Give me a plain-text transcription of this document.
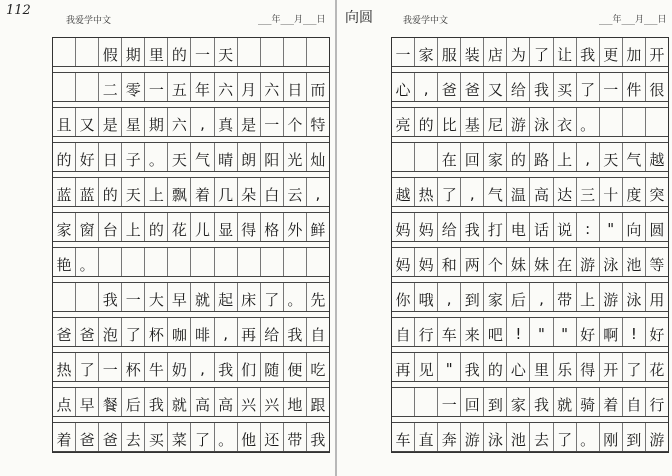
112
我爱学中文	___年___月___日
假 期 里 的 一 天
二 零 一 五 年 六 月 六 日 而
且 又 是 星 期 六 , 真 是 一 个 特
的 好 日 子 。 天 气 晴 朗 阳 光 灿
蓝 蓝 的 天 上 飘 着 几 朵 白 云 ,
家 窗 台 上 的 花 儿 显 得 格 外 鲜
艳 。
我 一 大 早 就 起 床 了 。 先
爸 爸 泡 了 杯 咖 啡 , 再 给 我 自
热 了 一 杯 牛 奶 , 我 们 随 便 吃
点 早 餐 后 我 就 高 高 兴 兴 地 跟
着 爸 爸 去 买 菜 了 。 他 还 带 我
向圆	我爱学中文	___年___月___日
一 家 服 装 店 为 了 让 我 更 加 开
心 , 爸 爸 又 给 我 买 了 一 件 很
亮 的 比 基 尼 游 泳 衣 。
在 回 家 的 路 上 , 天 气 越
越 热 了 , 气 温 高 达 三 十 度 突
妈 妈 给 我 打 电 话 说 :	" 向 圆
妈 妈 和 两 个 妹 妹 在 游 泳 池 等
你 哦 , 到 家 后 , 带 上 游 泳 用
自 行 车 来 吧 !	"	" 好 啊 ! 好
再 见 " 我 的 心 里 乐 得 开 了 花
一 回 到 家 我 就 骑 着 自 行
车 直 奔 游 泳 池 去 了 。 刚 到 游
